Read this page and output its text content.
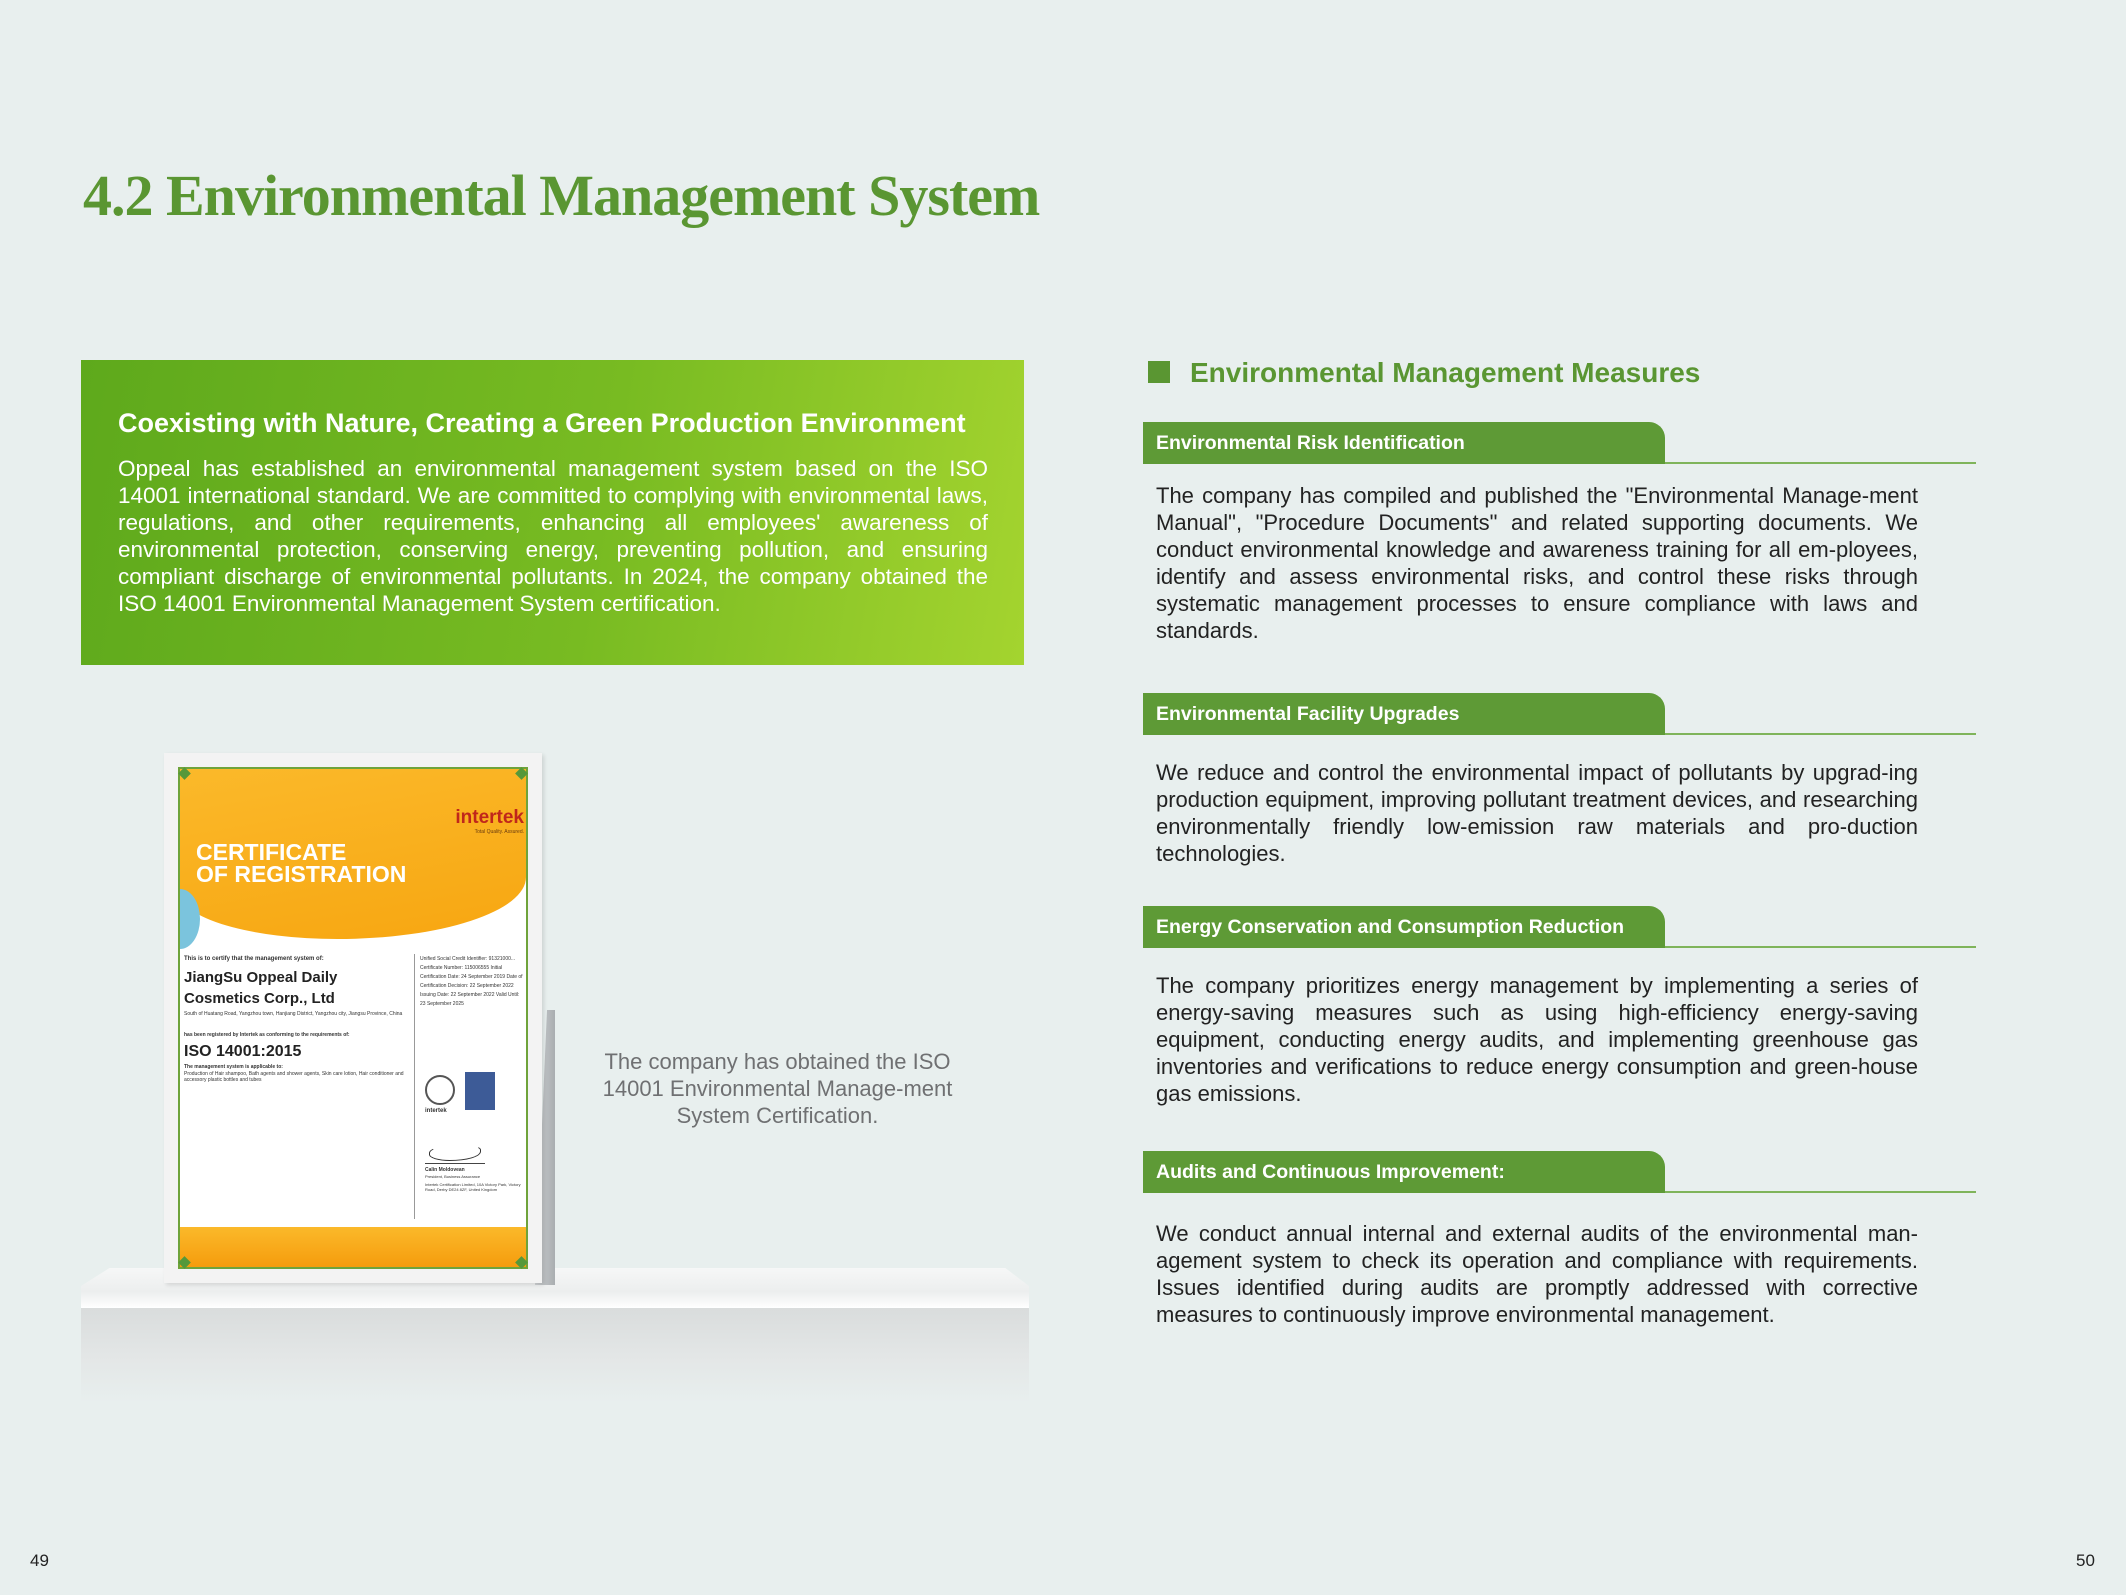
4.2 Environmental Management System
Coexisting with Nature, Creating a Green Production Environment

Oppeal has established an environmental management system based on the ISO 14001 international standard. We are committed to complying with environmental laws, regulations, and other requirements, enhancing all employees' awareness of environmental protection, conserving energy, preventing pollution, and ensuring compliant discharge of environmental pollutants. In 2024, the company obtained the ISO 14001 Environmental Management System certification.

intertek
Total Quality. Assured.
CERTIFICATE
OF REGISTRATION
This is to certify that the management system of:
JiangSu Oppeal Daily
Cosmetics Corp., Ltd
South of Huatang Road, Yangzhou town, Hanjiang District, Yangzhou city, Jiangsu Province, China
has been registered by Intertek as conforming to the requirements of:
ISO 14001:2015
The management system is applicable to:
Production of Hair shampoo, Bath agents and shower agents, Skin care lotion, Hair conditioner and accessory plastic bottles and tubes
Unified Social Credit Identifier: 91321000... Certificate Number: 115006555 Initial Certification Date: 24 September 2019 Date of Certification Decision: 22 September 2022 Issuing Date: 22 September 2022 Valid Until: 23 September 2025
intertek
Calin Moldovean
President, Business Assurance
Intertek Certification Limited, 10A Victory Park, Victory Road, Derby DE24 8ZF, United Kingdom

The company has obtained the ISO 14001 Environmental Manage-ment System Certification.

Environmental Management Measures
Environmental Risk Identification

The company has compiled and published the "Environmental Manage-ment Manual", "Procedure Documents" and related supporting documents. We conduct environmental knowledge and awareness training for all em-ployees, identify and assess environmental risks, and control these risks through systematic management processes to ensure compliance with laws and standards.

Environmental Facility Upgrades

We reduce and control the environmental impact of pollutants by upgrad-ing production equipment, improving pollutant treatment devices, and researching environmentally friendly low-emission raw materials and pro-duction technologies.

Energy Conservation and Consumption Reduction

The company prioritizes energy management by implementing a series of energy-saving measures such as using high-efficiency energy-saving equipment, conducting energy audits, and implementing greenhouse gas inventories and verifications to reduce energy consumption and green-house gas emissions.

Audits and Continuous Improvement:

We conduct annual internal and external audits of the environmental man-agement system to check its operation and compliance with requirements. Issues identified during audits are promptly addressed with corrective measures to continuously improve environmental management.

49	50
